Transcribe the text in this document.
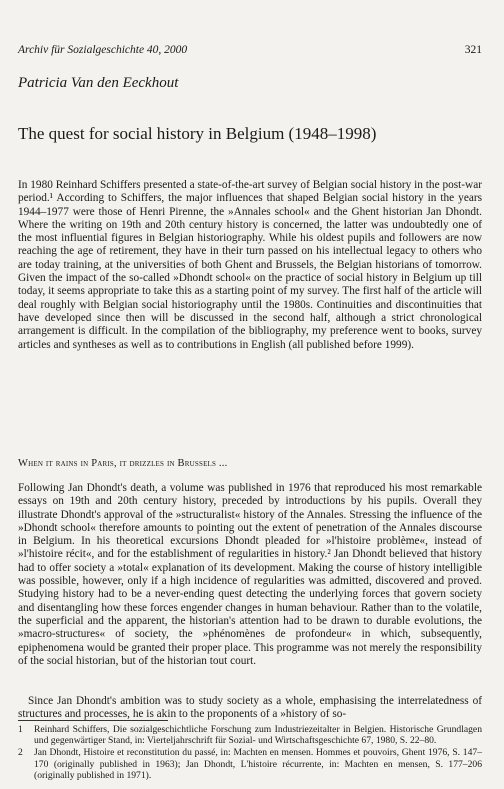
Archiv für Sozialgeschichte 40, 2000	321
Patricia Van den Eeckhout
The quest for social history in Belgium (1948–1998)

In 1980 Reinhard Schiffers presented a state-of-the-art survey of Belgian social history in the post-war period.¹ According to Schiffers, the major influences that shaped Belgian social history in the years 1944–1977 were those of Henri Pirenne, the »Annales school« and the Ghent historian Jan Dhondt. Where the writing on 19th and 20th century history is concerned, the latter was undoubtedly one of the most influential figures in Belgian historiography. While his oldest pupils and followers are now reaching the age of retirement, they have in their turn passed on his intellectual legacy to others who are today training, at the universities of both Ghent and Brussels, the Belgian historians of tomorrow. Given the impact of the so-called »Dhondt school« on the practice of social history in Belgium up till today, it seems appropriate to take this as a starting point of my survey. The first half of the article will deal roughly with Belgian social historiography until the 1980s. Continuities and discontinuities that have developed since then will be discussed in the second half, although a strict chronological arrangement is difficult. In the compilation of the bibliography, my preference went to books, survey articles and syntheses as well as to contributions in English (all published before 1999).

When it rains in Paris, it drizzles in Brussels ...

Following Jan Dhondt's death, a volume was published in 1976 that reproduced his most remarkable essays on 19th and 20th century history, preceded by introductions by his pupils. Overall they illustrate Dhondt's approval of the »structuralist« history of the Annales. Stressing the influence of the »Dhondt school« therefore amounts to pointing out the extent of penetration of the Annales discourse in Belgium. In his theoretical excursions Dhondt pleaded for »l'histoire problème«, instead of »l'histoire récit«, and for the establishment of regularities in history.² Jan Dhondt believed that history had to offer society a »total« explanation of its development. Making the course of history intelligible was possible, however, only if a high incidence of regularities was admitted, discovered and proved. Studying history had to be a never-ending quest detecting the underlying forces that govern society and disentangling how these forces engender changes in human behaviour. Rather than to the volatile, the superficial and the apparent, the historian's attention had to be drawn to durable evolutions, the »macro-structures« of society, the »phénomènes de profondeur« in which, subsequently, epiphenomena would be granted their proper place. This programme was not merely the responsibility of the social historian, but of the historian tout court.

Since Jan Dhondt's ambition was to study society as a whole, emphasising the interrelatedness of structures and processes, he is akin to the proponents of a »history of so-

1 Reinhard Schiffers, Die sozialgeschichtliche Forschung zum Industriezeitalter in Belgien. Historische Grundlagen und gegenwärtiger Stand, in: Vierteljahrschrift für Sozial- und Wirtschaftsgeschichte 67, 1980, S. 22–80.
2 Jan Dhondt, Histoire et reconstitution du passé, in: Machten en mensen. Hommes et pouvoirs, Ghent 1976, S. 147–170 (originally published in 1963); Jan Dhondt, L'histoire récurrente, in: Machten en mensen, S. 177–206 (originally published in 1971).
